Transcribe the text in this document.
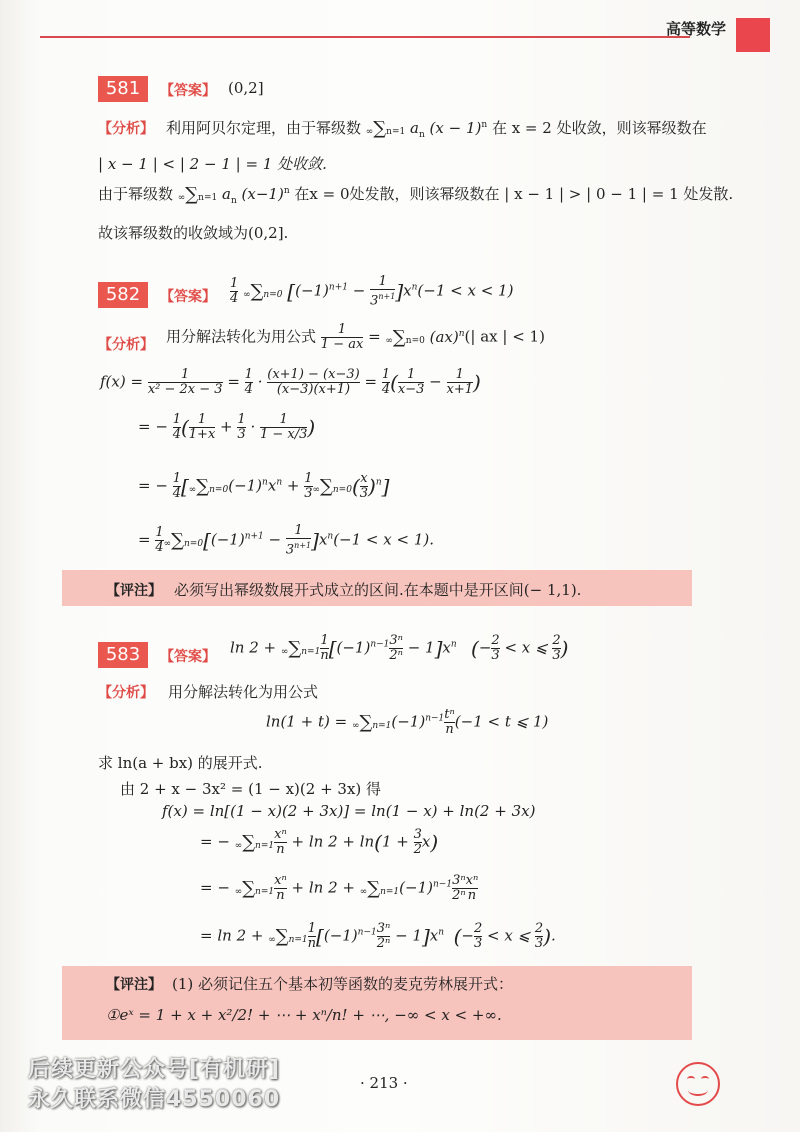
高等数学
581	【答案】 (0,2]
【分析】 利用阿贝尔定理，由于幂级数 ∞∑n=1 $a_n$ $(x - 1)^n$ 在 x = 2 处收敛，则该幂级数在
| x − 1 | < | 2 − 1 | = 1 处收敛.
由于幂级数 ∞∑n=1 $a_n$ $(x-1)^n$ 在x = 0处发散，则该幂级数在 | x − 1 | > | 0 − 1 | = 1 处发散.
故该幂级数的收敛域为(0,2].
582	【答案】 $\frac{1}{4} \infty\sum n=0$ $[(-1)^{n+1} - \frac{1}{3^{n+1}} ]x^n(-1 < x < 1)$
【分析】 用分解法转化为用公式 $\frac{1}{1 - ax} = \infty\sum n=0$ (ax)$^n$(| ax | < 1)
$f(x) = \frac{1}{\text{x² − 2x − 3}} = \frac{1}{4} \cdot \frac{(x+1) - (x-3)}{(x-3)(x+1)} = \frac{1}{4}$ ( $\frac{1}{x-3} - \frac{1}{x+1}$ )
= − $\frac{1}{4}$ ( $\frac{1}{1+x} + \frac{1}{3} \cdot \frac{1}{1 - x/3}$ )
= − $\frac{1}{4} [\infty\sum n=0(-1)^nx^n + \frac{1}{3} \infty\sum n=0( \frac{x}{3} )^n]$
= $\frac{1}{4} \infty\sum n=0[(-1)^{n+1} - \frac{1}{3^{n+1}} ]x^n(-1 < x < 1)$.
【评注】 必须写出幂级数展开式成立的区间.在本题中是开区间(− 1,1).
583	【答案】
$\ln 2 + \infty\sum n=1 \frac{1}{n} [(-1)^{n-1} \frac{\text{3ⁿ}}{\text{2ⁿ}} - 1]x^n$ (− $\frac{2}{3} < x$ ⩽ $\frac{2}{3}$ )
【分析】 用分解法转化为用公式
$\ln(1 + t) = \infty\sum n=1(-1)^{n-1} \frac{\text{tⁿ}}{n} (-1 < t$ ⩽ 1)
求 ln(a + bx) 的展开式.
由 2 + x − 3x² = (1 − x)(2 + 3x) 得
f(x) = ln[(1 − x)(2 + 3x)] = ln(1 − x) + ln(2 + 3x)
= − $\infty\sum n=1 \frac{\text{xⁿ}}{n} + \ln 2 + \ln(1 + \frac{3}{2} x)$
= − $\infty\sum n=1 \frac{\text{xⁿ}}{n} + \ln 2 + \infty\sum n=1(-1)^{n-1} \frac{\text{3ⁿ}}{\text{2ⁿ}} \frac{\text{xⁿ}}{n}$
= $\ln 2 + \infty\sum n=1 \frac{1}{n} [(-1)^{n-1} \frac{\text{3ⁿ}}{\text{2ⁿ}} - 1]x^n$ (− $\frac{2}{3} < x$ ⩽ $\frac{2}{3}$ ).
【评注】 (1) 必须记住五个基本初等函数的麦克劳林展开式：
①eˣ = 1 + x + x²/2! + ⋯ + xⁿ/n! + ⋯, −∞ < x < +∞.
· 213 ·
后续更新公众号[有机研]
永久联系微信4550060
